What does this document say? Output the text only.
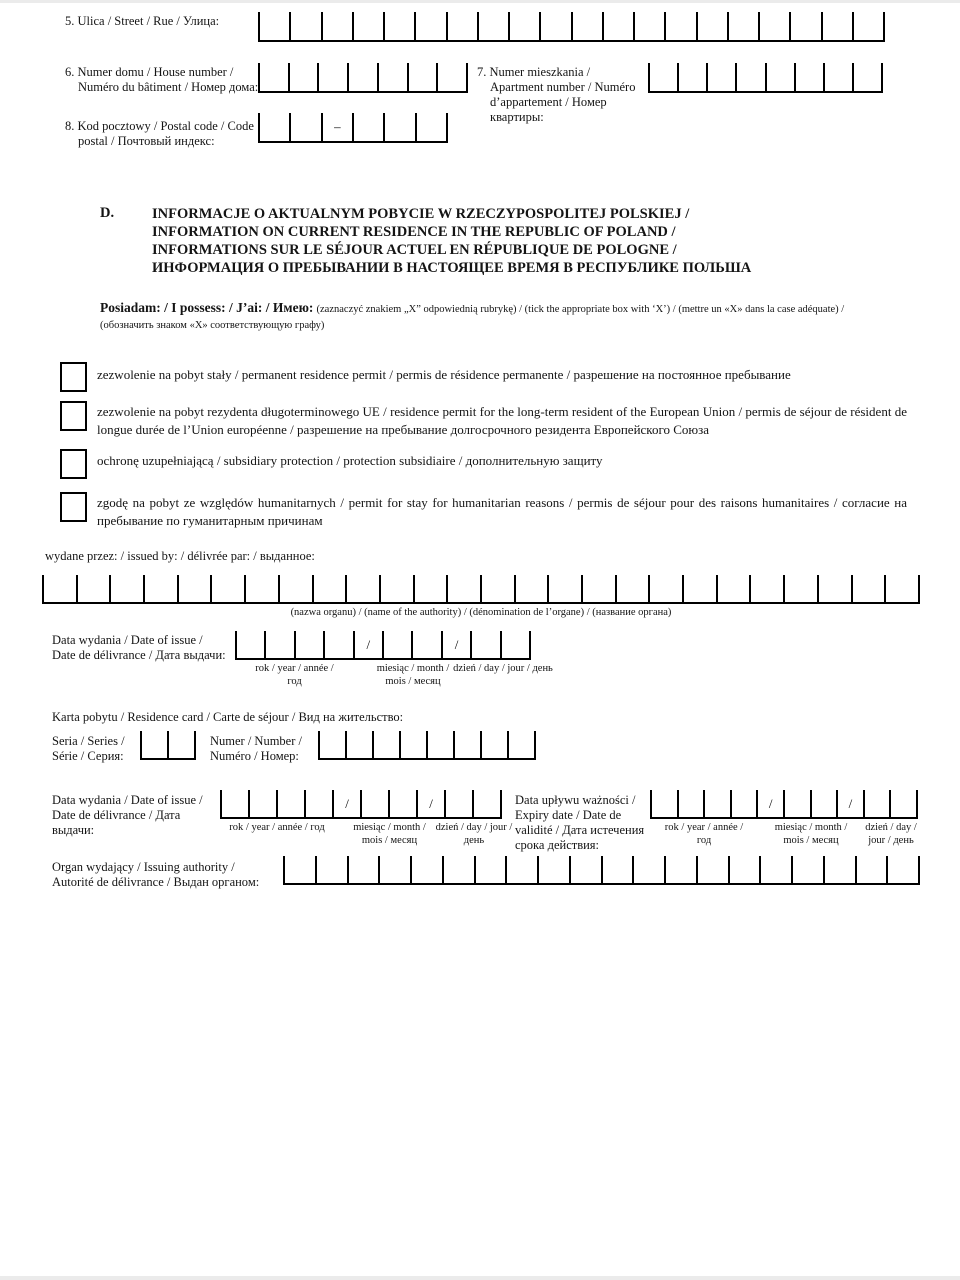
5. Ulica / Street / Rue / Улица:
6. Numer domu / House number /
Numéro du bâtiment / Номер дома:
7. Numer mieszkania /
Apartment number / Numéro
d’appartement / Номер
квартиры:
8. Kod pocztowy / Postal code / Code
postal / Почтовый индекс:
–
D.	INFORMACJE O AKTUALNYM POBYCIE W RZECZYPOSPOLITEJ POLSKIEJ /
INFORMATION ON CURRENT RESIDENCE IN THE REPUBLIC OF POLAND /
INFORMATIONS SUR LE SÉJOUR ACTUEL EN RÉPUBLIQUE DE POLOGNE /
ИНФОРМАЦИЯ О ПРЕБЫВАНИИ В НАСТОЯЩЕЕ ВРЕМЯ В РЕСПУБЛИКЕ ПОЛЬША
Posiadam: / I possess: / J’ai: / Имею: (zaznaczyć znakiem „X” odpowiednią rubrykę) / (tick the appropriate box with ‘X’) / (mettre un «X» dans la case adéquate) / (обозначить знаком «X» соответствующую графу)
zezwolenie na pobyt stały / permanent residence permit / permis de résidence permanente / разрешение на постоянное пребывание
zezwolenie na pobyt rezydenta długoterminowego UE / residence permit for the long-term resident of the European Union / permis de séjour de résident de longue durée de l’Union européenne / разрешение на пребывание долгосрочного резидента Европейского Союза
ochronę uzupełniającą / subsidiary protection / protection subsidiaire / дополнительную защиту
zgodę na pobyt ze względów humanitarnych / permit for stay for humanitarian reasons / permis de séjour pour des raisons humanitaires / согласие на пребывание по гуманитарным причинам
wydane przez: / issued by: / délivrée par: / выданное:
(nazwa organu) / (name of the authority) / (dénomination de l’organe) / (название органа)
Data wydania / Date of issue /
Date de délivrance / Дата выдачи:
/	/
rok / year / année /
год
miesiąc / month /
mois / месяц
dzień / day / jour / день
Karta pobytu / Residence card / Carte de séjour / Вид на жительство:
Seria / Series /
Série / Серия:
Numer / Number /
Numéro / Номер:
Data wydania / Date of issue /
Date de délivrance / Дата
выдачи:
/	/
rok / year / année / год	miesiąc / month /
mois / месяц
dzień / day / jour /
день
Data upływu ważności /
Expiry date / Date de
validité / Дата истечения
срока действия:
/	/
rok / year / année /
год
miesiąc / month /
mois / месяц
dzień / day /
jour / день
Organ wydający / Issuing authority /
Autorité de délivrance / Выдан органом:
